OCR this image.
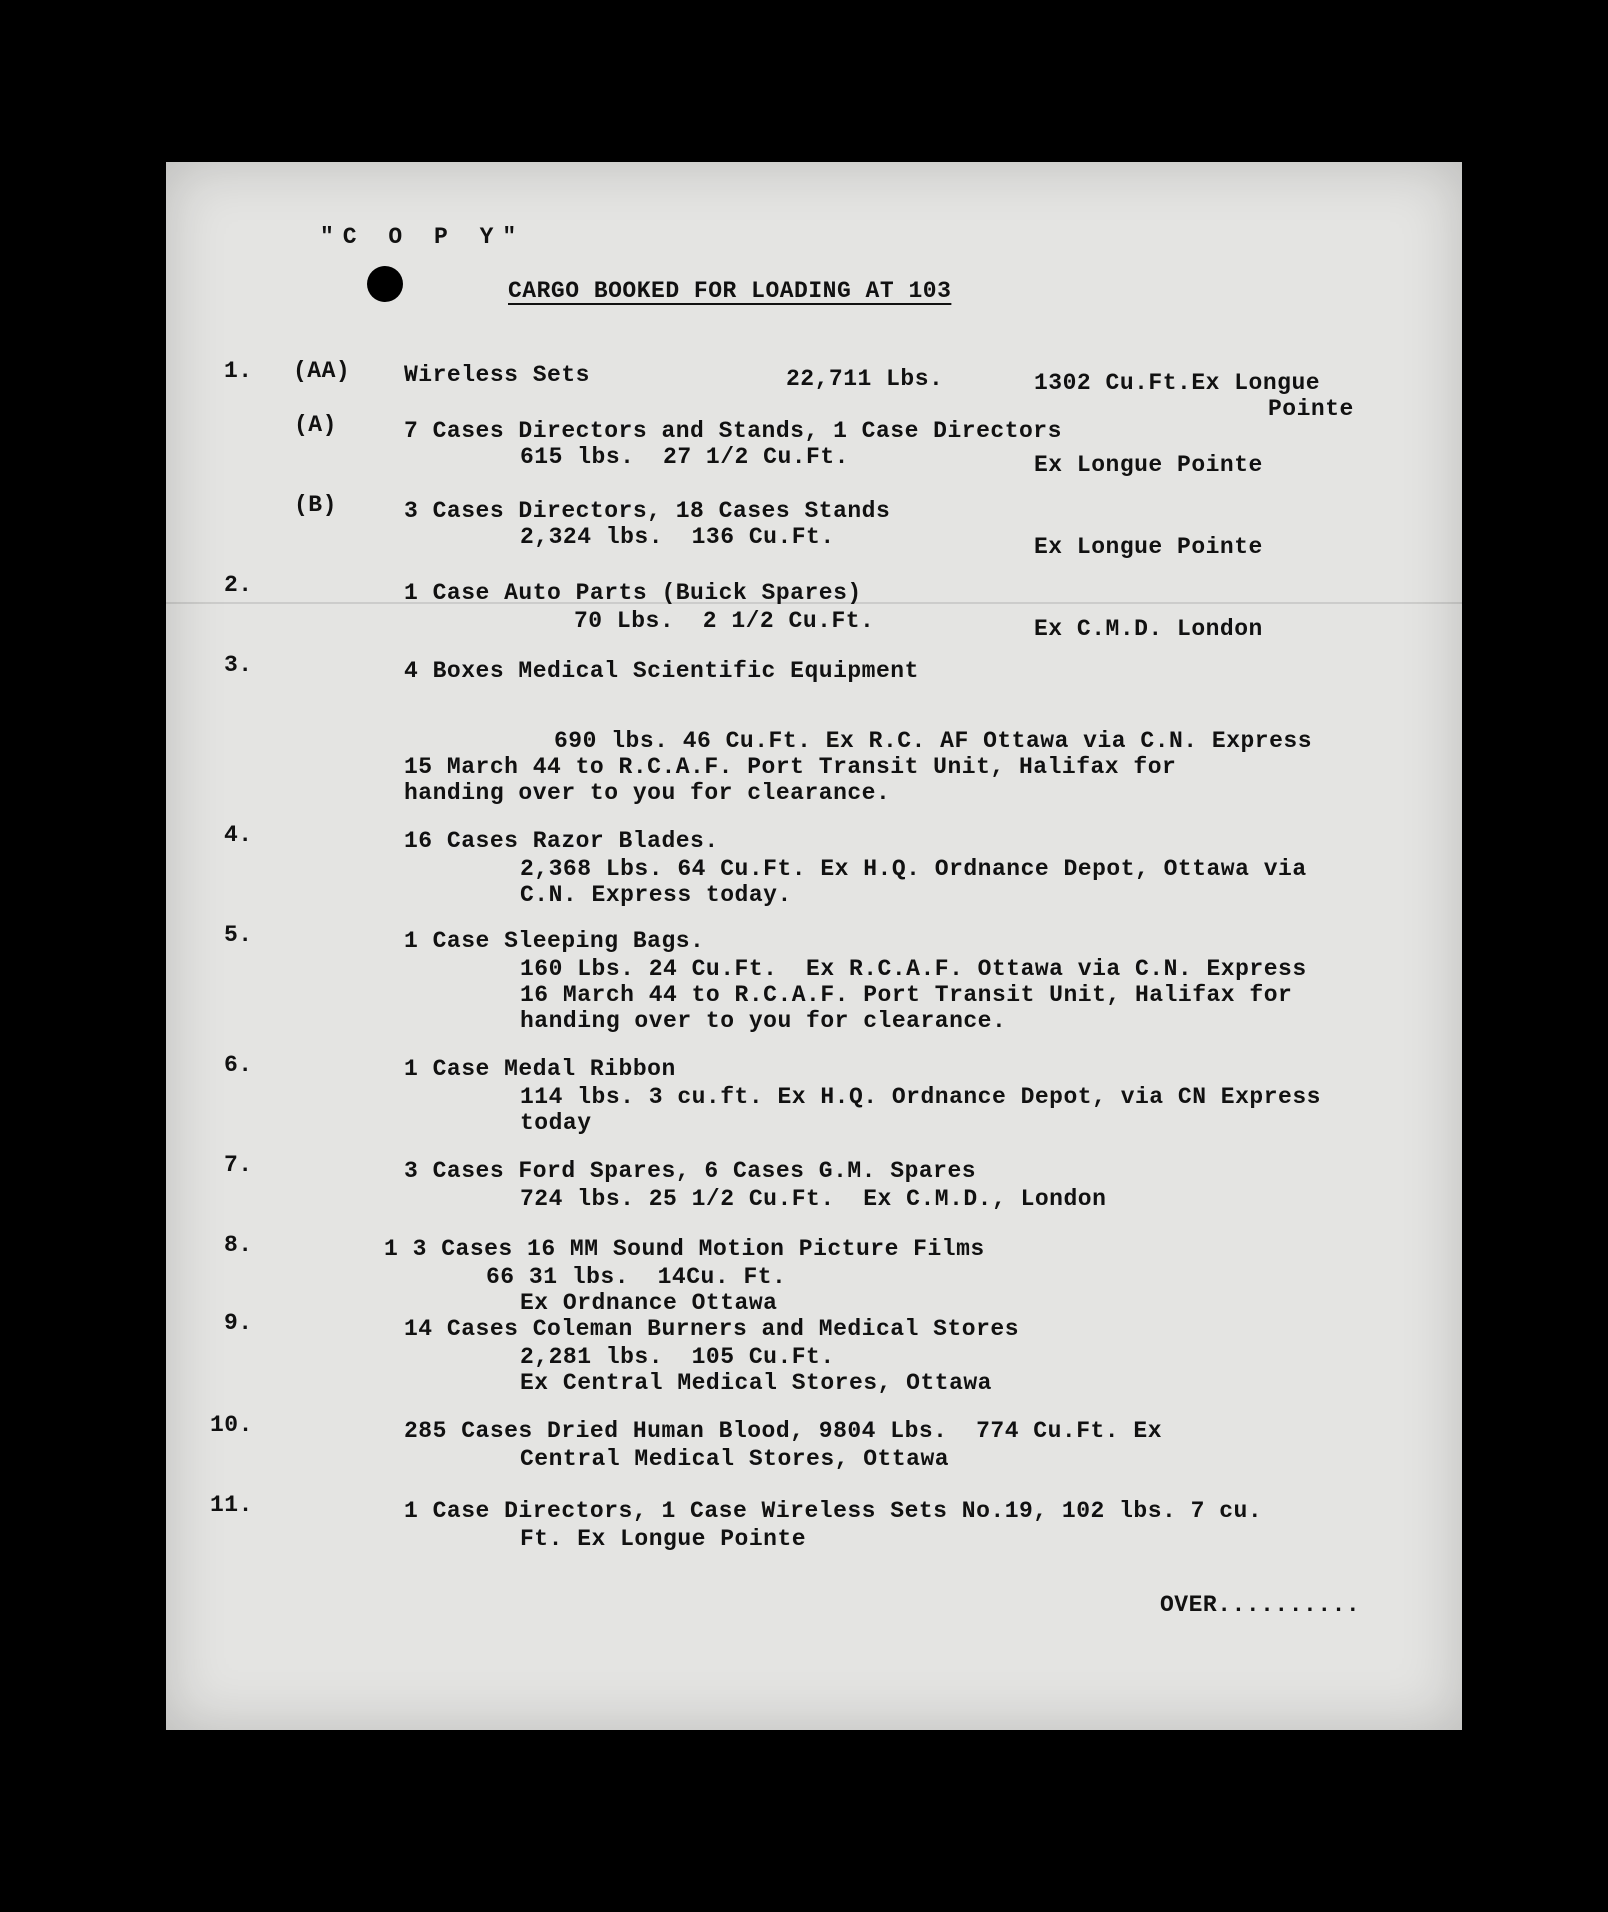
"C O P Y"
CARGO BOOKED FOR LOADING AT 103
1. (AA) Wireless Sets	22,711 Lbs.	1302 Cu.Ft.Ex Longue
Pointe
(A)	7 Cases Directors and Stands, 1 Case Directors
615 lbs.  27 1/2 Cu.Ft.	Ex Longue Pointe
(B)	3 Cases Directors, 18 Cases Stands
2,324 lbs.  136 Cu.Ft.	Ex Longue Pointe
2.	1 Case Auto Parts (Buick Spares)
70 Lbs.  2 1/2 Cu.Ft.	Ex C.M.D. London
3.	4 Boxes Medical Scientific Equipment
690 lbs. 46 Cu.Ft. Ex R.C. AF Ottawa via C.N. Express
15 March 44 to R.C.A.F. Port Transit Unit, Halifax for
handing over to you for clearance.
4.	16 Cases Razor Blades.
2,368 Lbs. 64 Cu.Ft. Ex H.Q. Ordnance Depot, Ottawa via
C.N. Express today.
5.	1 Case Sleeping Bags.
160 Lbs. 24 Cu.Ft.  Ex R.C.A.F. Ottawa via C.N. Express
16 March 44 to R.C.A.F. Port Transit Unit, Halifax for
handing over to you for clearance.
6.	1 Case Medal Ribbon
114 lbs. 3 cu.ft. Ex H.Q. Ordnance Depot, via CN Express
today
7.	3 Cases Ford Spares, 6 Cases G.M. Spares
724 lbs. 25 1/2 Cu.Ft.  Ex C.M.D., London
8.	1 3 Cases 16 MM Sound Motion Picture Films
66 31 lbs.  14Cu. Ft.
Ex Ordnance Ottawa
9.	14 Cases Coleman Burners and Medical Stores
2,281 lbs.  105 Cu.Ft.
Ex Central Medical Stores, Ottawa
10.	285 Cases Dried Human Blood, 9804 Lbs.  774 Cu.Ft. Ex
Central Medical Stores, Ottawa
11.	1 Case Directors, 1 Case Wireless Sets No.19, 102 lbs. 7 cu.
Ft. Ex Longue Pointe
OVER..........
